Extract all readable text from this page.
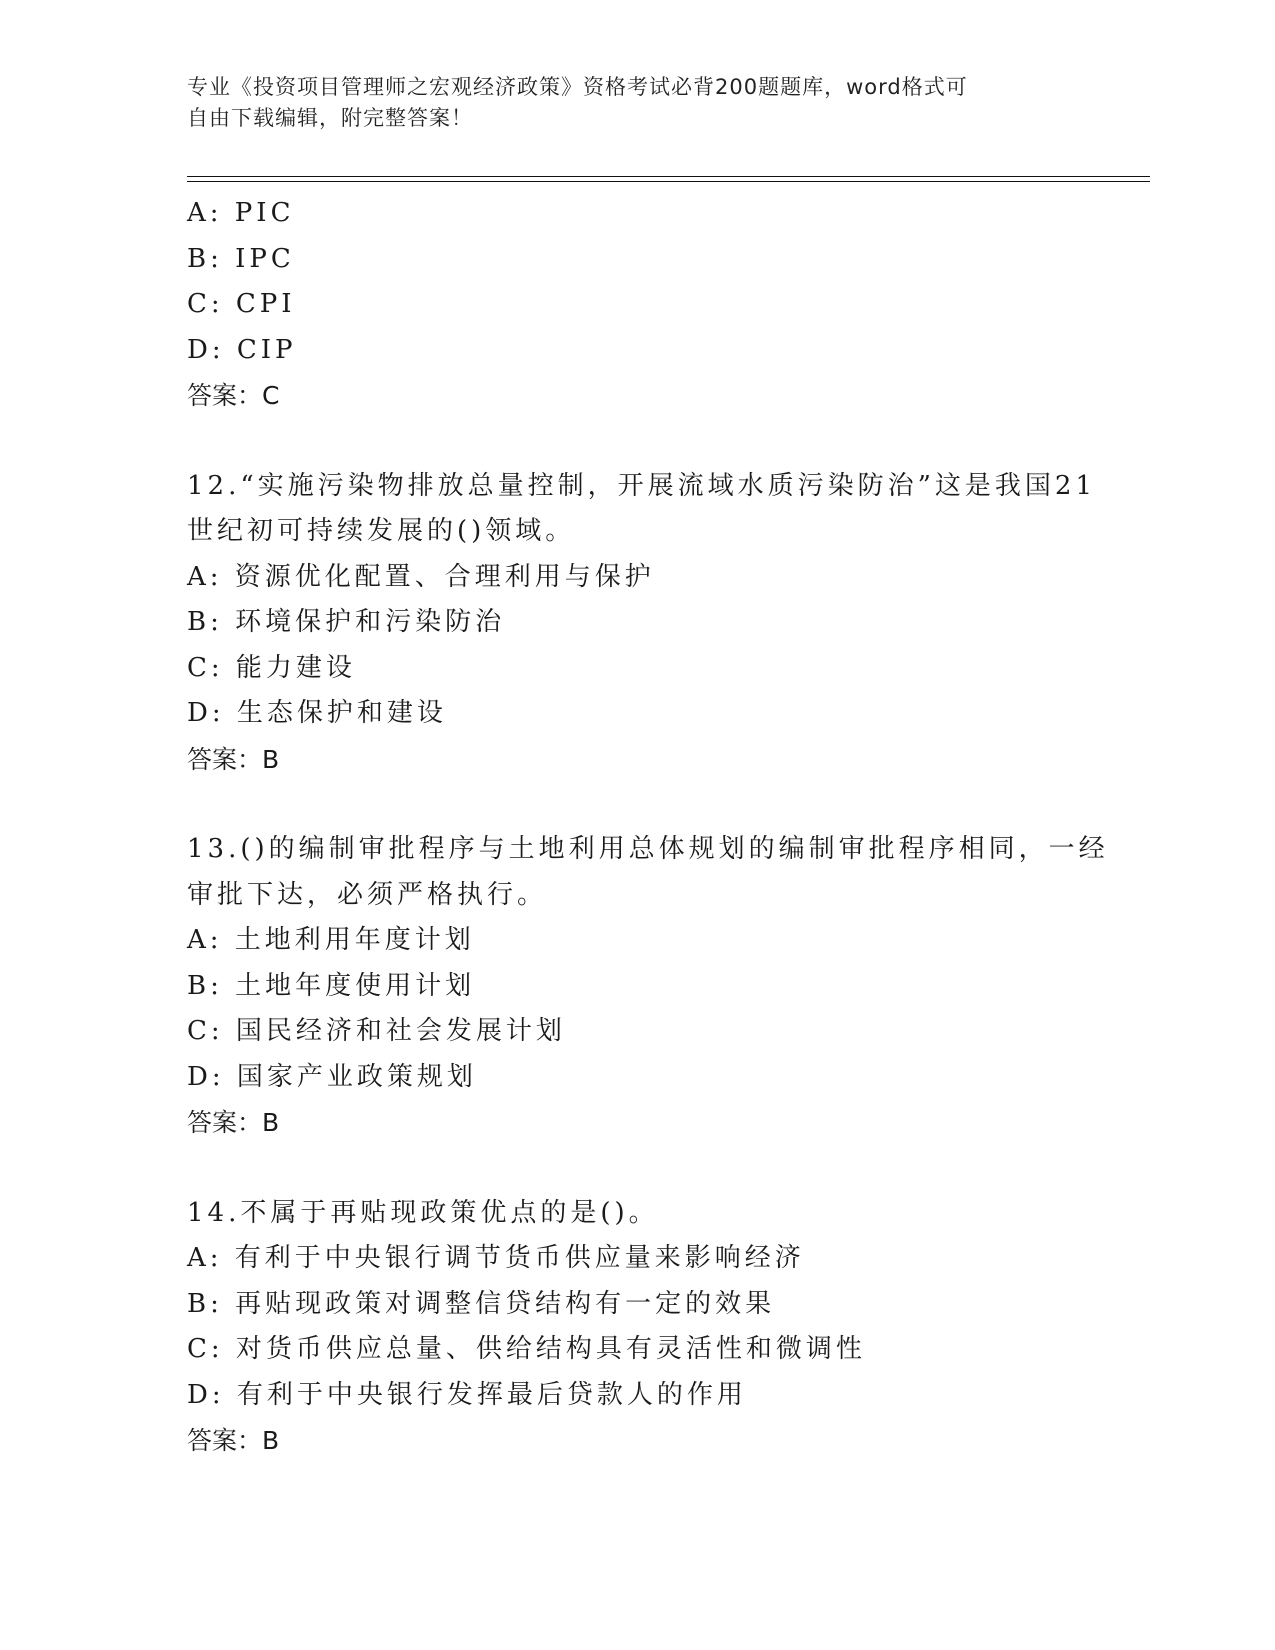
专业《投资项目管理师之宏观经济政策》资格考试必背200题题库，word格式可
自由下载编辑，附完整答案！
A: PIC
B: IPC
C: CPI
D: CIP
答案：C
12.“实施污染物排放总量控制，开展流域水质污染防治”这是我国21
世纪初可持续发展的()领域。
A: 资源优化配置、合理利用与保护
B: 环境保护和污染防治
C: 能力建设
D: 生态保护和建设
答案：B
13.()的编制审批程序与土地利用总体规划的编制审批程序相同，一经
审批下达，必须严格执行。
A: 土地利用年度计划
B: 土地年度使用计划
C: 国民经济和社会发展计划
D: 国家产业政策规划
答案：B
14.不属于再贴现政策优点的是()。
A: 有利于中央银行调节货币供应量来影响经济
B: 再贴现政策对调整信贷结构有一定的效果
C: 对货币供应总量、供给结构具有灵活性和微调性
D: 有利于中央银行发挥最后贷款人的作用
答案：B
